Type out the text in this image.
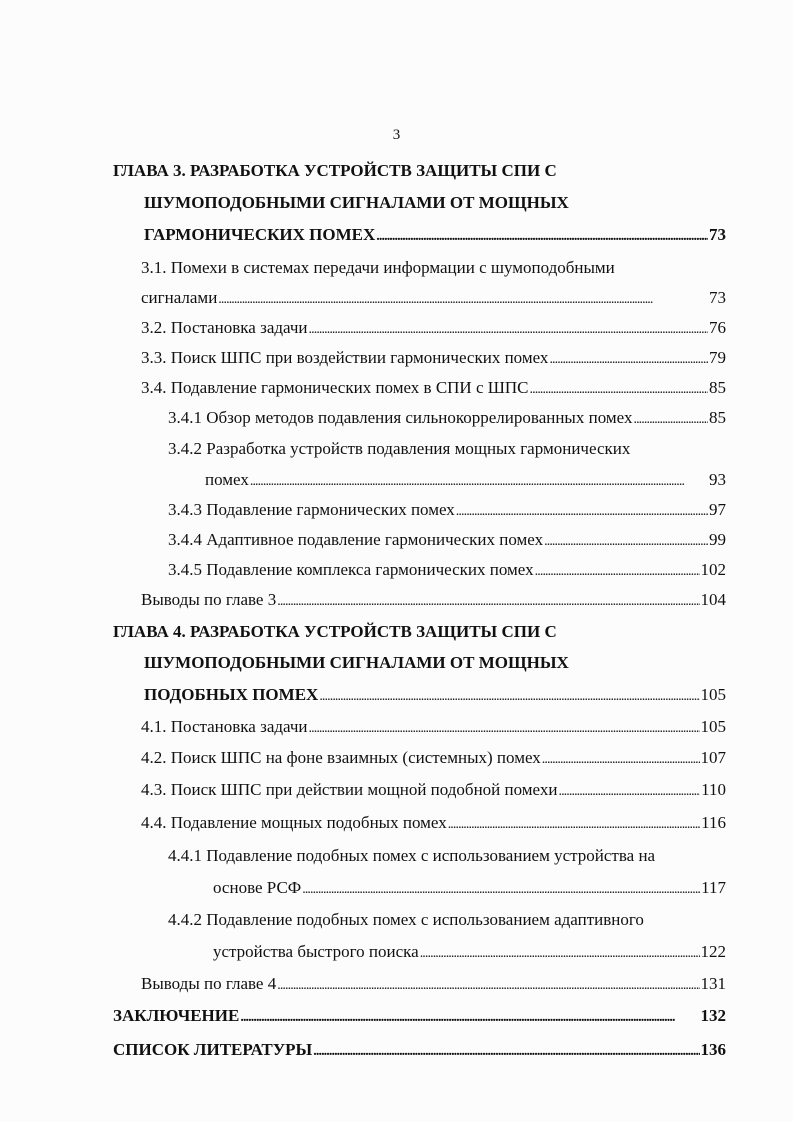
3
ГЛАВА 3. РАЗРАБОТКА УСТРОЙСТВ ЗАЩИТЫ СПИ С
ШУМОПОДОБНЫМИ СИГНАЛАМИ ОТ МОЩНЫХ
ГАРМОНИЧЕСКИХ ПОМЕХ . . .	73
3.1. Помехи в системах передачи информации с шумоподобными
сигналами . . .	73
3.2. Постановка задачи . . .	76
3.3. Поиск ШПС при воздействии гармонических помех . . .	79
3.4. Подавление гармонических помех в СПИ с ШПС . . .	85
3.4.1 Обзор методов подавления сильнокоррелированных помех . . .	85
3.4.2 Разработка устройств подавления мощных гармонических
помех . . .	93
3.4.3 Подавление гармонических помех . . .	97
3.4.4 Адаптивное подавление гармонических помех . . .	99
3.4.5 Подавление комплекса гармонических помех . . .	102
Выводы по главе 3 . . .	104
ГЛАВА 4. РАЗРАБОТКА УСТРОЙСТВ ЗАЩИТЫ СПИ С
ШУМОПОДОБНЫМИ СИГНАЛАМИ ОТ МОЩНЫХ
ПОДОБНЫХ ПОМЕХ . . .	105
4.1. Постановка задачи . . .	105
4.2. Поиск ШПС на фоне взаимных (системных) помех . . .	107
4.3. Поиск ШПС при действии мощной подобной помехи . . .	110
4.4. Подавление мощных подобных помех . . .	116
4.4.1 Подавление подобных помех с использованием устройства на
основе РСФ . . .	117
4.4.2 Подавление подобных помех с использованием адаптивного
устройства быстрого поиска . . .	122
Выводы по главе 4 . . .	131
ЗАКЛЮЧЕНИЕ . . .	132
СПИСОК ЛИТЕРАТУРЫ . . .	136
